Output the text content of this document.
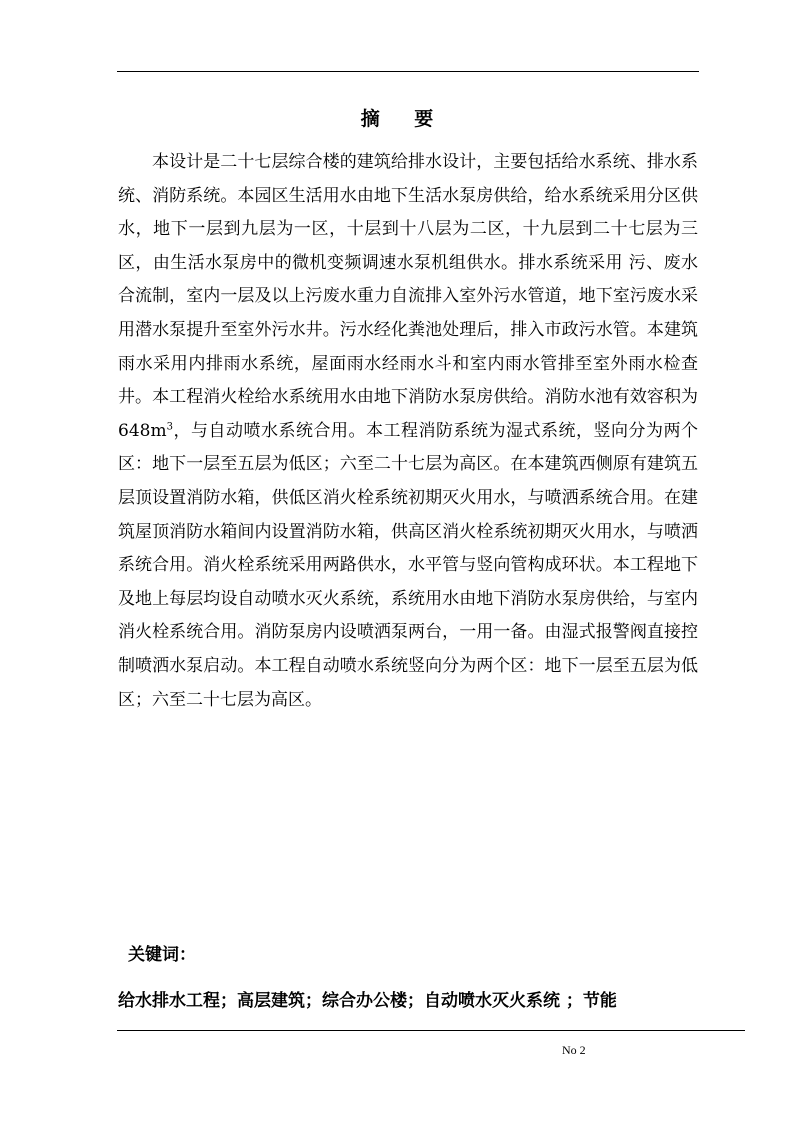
摘 要

本设计是二十七层综合楼的建筑给排水设计，主要包括给水系统、排水系统、消防系统。本园区生活用水由地下生活水泵房供给，给水系统采用分区供水，地下一层到九层为一区，十层到十八层为二区，十九层到二十七层为三区，由生活水泵房中的微机变频调速水泵机组供水。排水系统采用 污、废水合流制，室内一层及以上污废水重力自流排入室外污水管道，地下室污废水采用潜水泵提升至室外污水井。污水经化粪池处理后，排入市政污水管。本建筑雨水采用内排雨水系统，屋面雨水经雨水斗和室内雨水管排至室外雨水检查井。本工程消火栓给水系统用水由地下消防水泵房供给。消防水池有效容积为$648m^3$，与自动喷水系统合用。本工程消防系统为湿式系统，竖向分为两个区：地下一层至五层为低区；六至二十七层为高区。在本建筑西侧原有建筑五层顶设置消防水箱，供低区消火栓系统初期灭火用水，与喷洒系统合用。在建筑屋顶消防水箱间内设置消防水箱，供高区消火栓系统初期灭火用水，与喷洒系统合用。消火栓系统采用两路供水，水平管与竖向管构成环状。本工程地下及地上每层均设自动喷水灭火系统，系统用水由地下消防水泵房供给，与室内消火栓系统合用。消防泵房内设喷洒泵两台，一用一备。由湿式报警阀直接控制喷洒水泵启动。本工程自动喷水系统竖向分为两个区：地下一层至五层为低区；六至二十七层为高区。

关键词：
给水排水工程；高层建筑；综合办公楼；自动喷水灭火系统 ；节能
No 2
